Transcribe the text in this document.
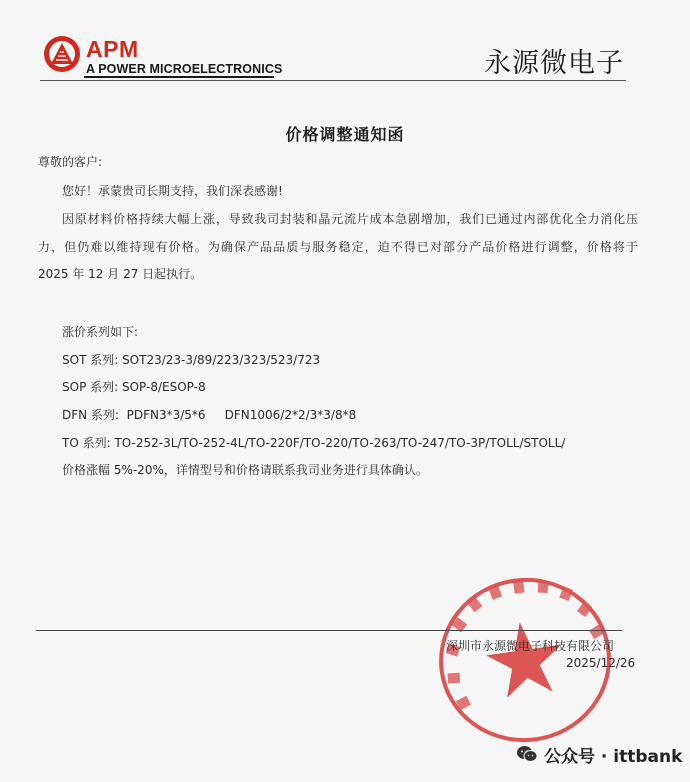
APM
A POWER MICROELECTRONICS	永源微电子
价格调整通知函
尊敬的客户:
您好！承蒙贵司长期支持，我们深表感谢!
因原材料价格持续大幅上涨，导致我司封装和晶元流片成本急剧增加，我们已通过内部优化全力消化压
力，但仍难以维持现有价格。为确保产品品质与服务稳定，迫不得已对部分产品价格进行调整，价格将于
2025 年 12 月 27 日起执行。
涨价系列如下:
SOT 系列: SOT23/23-3/89/223/323/523/723
SOP 系列: SOP-8/ESOP-8
DFN 系列:  PDFN3*3/5*6     DFN1006/2*2/3*3/8*8
TO 系列: TO-252-3L/TO-252-4L/TO-220F/TO-220/TO-263/TO-247/TO-3P/TOLL/STOLL/
价格涨幅 5%-20%，详情型号和价格请联系我司业务进行具体确认。
深圳市永源微电子科技有限公司
2025/12/26
公众号 · ittbank
